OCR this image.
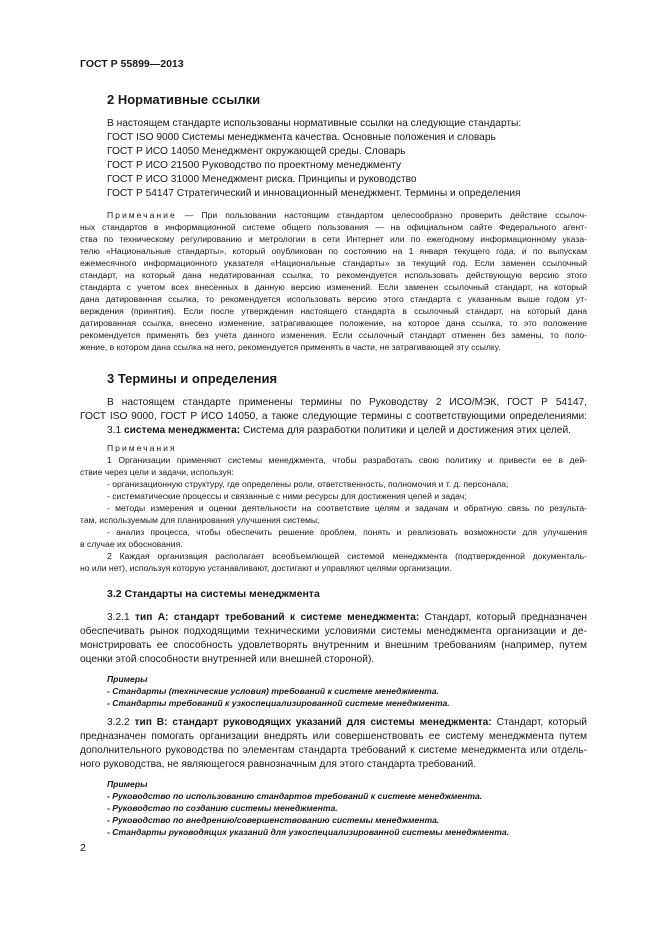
ГОСТ Р 55899—2013
2 Нормативные ссылки
В настоящем стандарте использованы нормативные ссылки на следующие стандарты:
ГОСТ ISO 9000 Системы менеджмента качества. Основные положения и словарь
ГОСТ Р ИСО 14050 Менеджмент окружающей среды. Словарь
ГОСТ Р ИСО 21500 Руководство по проектному менеджменту
ГОСТ Р ИСО 31000 Менеджмент риска. Принципы и руководство
ГОСТ Р 54147 Стратегический и инновационный менеджмент. Термины и определения
Примечание — При пользовании настоящим стандартом целесообразно проверить действие ссылоч-
ных стандартов в информационной системе общего пользования — на официальном сайте Федерального агент-
ства по техническому регулированию и метрологии в сети Интернет или по ежегодному информационному указа-
телю «Национальные стандарты», который опубликован по состоянию на 1 января текущего года, и по выпускам
ежемесячного информационного указателя «Национальные стандарты» за текущий год. Если заменен ссылочный
стандарт, на который дана недатированная ссылка, то рекомендуется использовать действующую версию этого
стандарта с учетом всех внесенных в данную версию изменений. Если заменен ссылочный стандарт, на который
дана датированная ссылка, то рекомендуется использовать версию этого стандарта с указанным выше годом ут-
верждения (принятия). Если после утверждения настоящего стандарта в ссылочный стандарт, на который дана
датированная ссылка, внесено изменение, затрагивающее положение, на которое дана ссылка, то это положение
рекомендуется применять без учета данного изменения. Если ссылочный стандарт отменен без замены, то поло-
жение, в котором дана ссылка на него, рекомендуется применять в части, не затрагивающей эту ссылку.
3 Термины и определения
В настоящем стандарте применены термины по Руководству 2 ИСО/МЭК, ГОСТ Р 54147,
ГОСТ ISO 9000, ГОСТ Р ИСО 14050, а также следующие термины с соответствующими определениями:
3.1 система менеджмента: Система для разработки политики и целей и достижения этих целей.
Примечания
1 Организации применяют системы менеджмента, чтобы разработать свою политику и привести ее в дей-
ствие через цели и задачи, используя:
- организационную структуру, где определены роли, ответственность, полномочия и т. д. персонала;
- систематические процессы и связанные с ними ресурсы для достижения целей и задач;
- методы измерения и оценки деятельности на соответствие целям и задачам и обратную связь по результа-
там, используемым для планирования улучшения системы;
- анализ процесса, чтобы обеспечить решение проблем, понять и реализовать возможности для улучшения
в случае их обоснования.
2 Каждая организация располагает всеобъемлющей системой менеджмента (подтвержденной документаль-
но или нет), используя которую устанавливают, достигают и управляют целями организации.
3.2 Стандарты на системы менеджмента
3.2.1 тип А: стандарт требований к системе менеджмента: Стандарт, который предназначен
обеспечивать рынок подходящими техническими условиями системы менеджмента организации и де-
монстрировать ее способность удовлетворять внутренним и внешним требованиям (например, путем
оценки этой способности внутренней или внешней стороной).
Примеры
- Стандарты (технические условия) требований к системе менеджмента.
- Стандарты требований к узкоспециализированной системе менеджмента.
3.2.2 тип В: стандарт руководящих указаний для системы менеджмента: Стандарт, который
предназначен помогать организации внедрять или совершенствовать ее систему менеджмента путем
дополнительного руководства по элементам стандарта требований к системе менеджмента или отдель-
ного руководства, не являющегося равнозначным для этого стандарта требований.
Примеры
- Руководство по использованию стандартов требований к системе менеджмента.
- Руководство по созданию системы менеджмента.
- Руководство по внедрению/совершенствованию системы менеджмента.
- Стандарты руководящих указаний для узкоспециализированной системы менеджмента.
2
